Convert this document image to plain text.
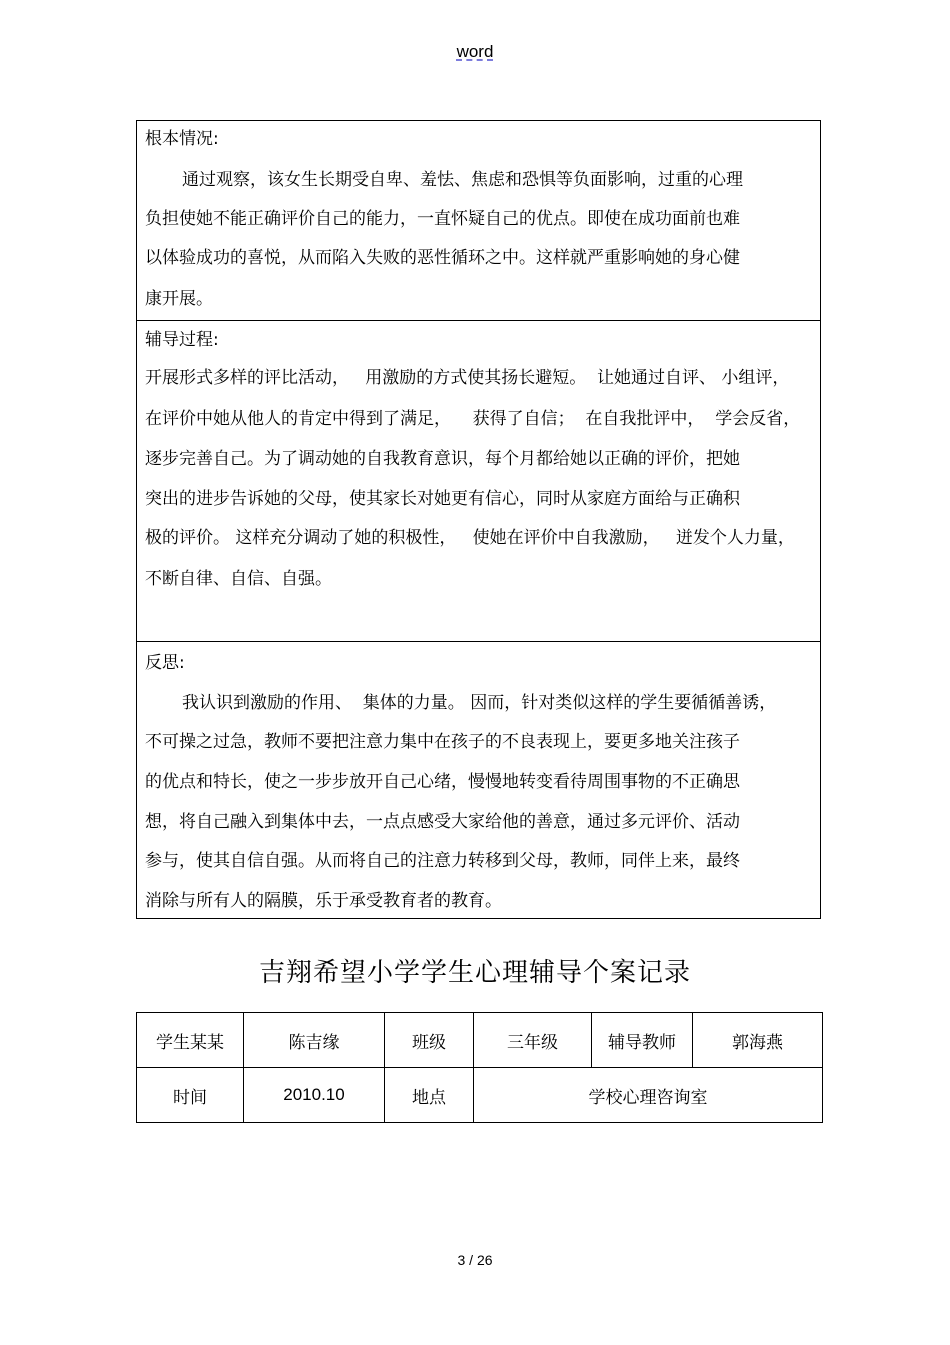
word
根本情况:
通过观察，该女生长期受自卑、羞怯、焦虑和恐惧等负面影响，过重的心理
负担使她不能正确评价自己的能力，一直怀疑自己的优点。即使在成功面前也难
以体验成功的喜悦，从而陷入失败的恶性循环之中。这样就严重影响她的身心健
康开展。
辅导过程:
开展形式多样的评比活动，   用激励的方式使其扬长避短。  让她通过自评、 小组评，
在评价中她从他人的肯定中得到了满足，    获得了自信；  在自我批评中，  学会反省，
逐步完善自己。为了调动她的自我教育意识，每个月都给她以正确的评价，把她
突出的进步告诉她的父母，使其家长对她更有信心，同时从家庭方面给与正确积
极的评价。 这样充分调动了她的积极性，   使她在评价中自我激励，   迸发个人力量，
不断自律、自信、自强。
反思:
我认识到激励的作用、  集体的力量。 因而，针对类似这样的学生要循循善诱，
不可操之过急，教师不要把注意力集中在孩子的不良表现上，要更多地关注孩子
的优点和特长，使之一步步放开自己心绪，慢慢地转变看待周围事物的不正确思
想，将自己融入到集体中去，一点点感受大家给他的善意，通过多元评价、活动
参与，使其自信自强。从而将自己的注意力转移到父母，教师，同伴上来，最终
消除与所有人的隔膜，乐于承受教育者的教育。
吉翔希望小学学生心理辅导个案记录
学生某某	陈吉缘	班级	三年级	辅导教师	郭海燕
时间	2010.10	地点	学校心理咨询室		
3 / 26
